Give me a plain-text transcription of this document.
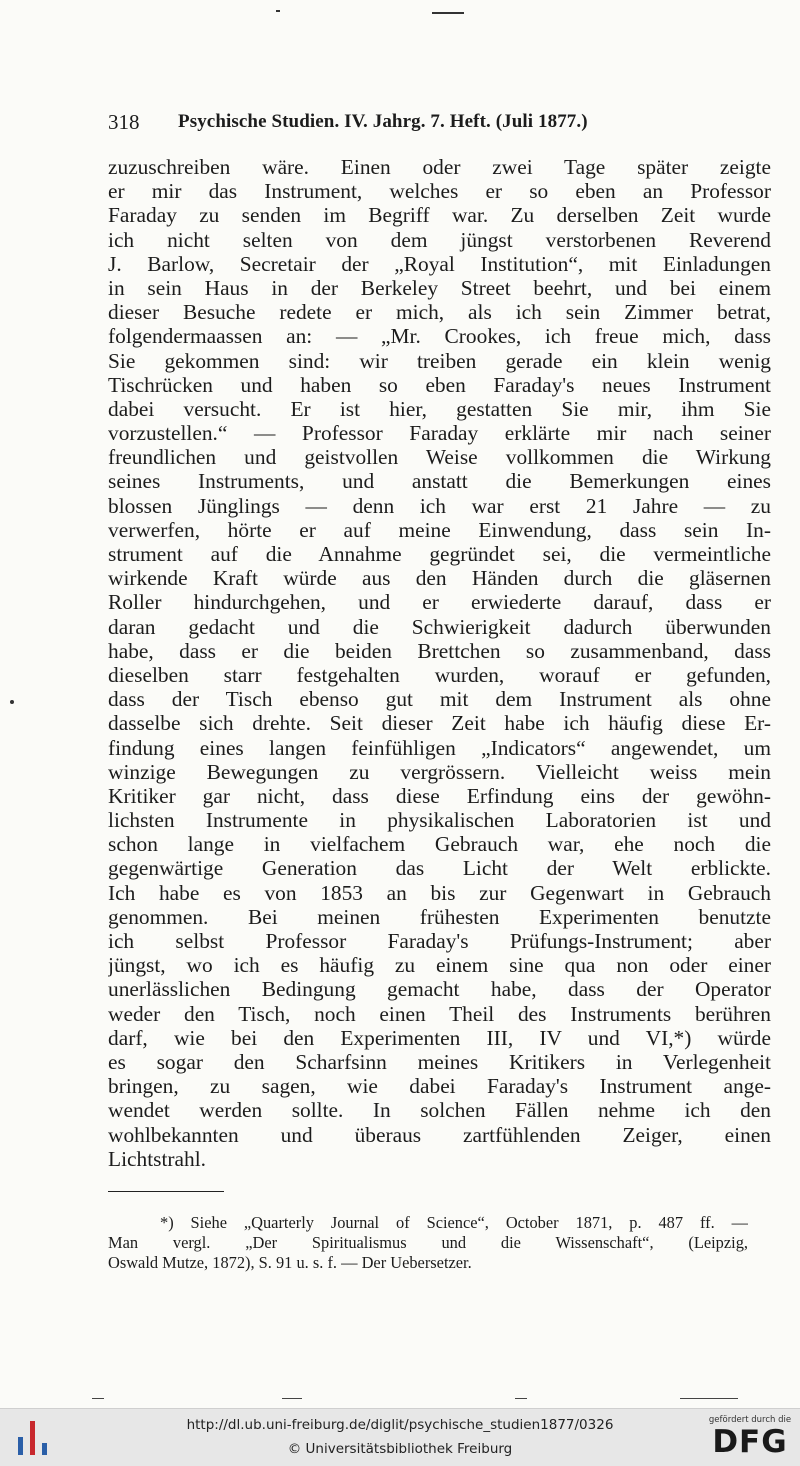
318 Psychische Studien. IV. Jahrg. 7. Heft. (Juli 1877.)
zuzuschreiben wäre. Einen oder zwei Tage später zeigte
er mir das Instrument, welches er so eben an Professor
Faraday zu senden im Begriff war. Zu derselben Zeit wurde
ich nicht selten von dem jüngst verstorbenen Reverend
J. Barlow, Secretair der „Royal Institution“, mit Einladungen
in sein Haus in der Berkeley Street beehrt, und bei einem
dieser Besuche redete er mich, als ich sein Zimmer betrat,
folgendermaassen an: — „Mr. Crookes, ich freue mich, dass
Sie gekommen sind: wir treiben gerade ein klein wenig
Tischrücken und haben so eben Faraday's neues Instrument
dabei versucht. Er ist hier, gestatten Sie mir, ihm Sie
vorzustellen.“ — Professor Faraday erklärte mir nach seiner
freundlichen und geistvollen Weise vollkommen die Wirkung
seines Instruments, und anstatt die Bemerkungen eines
blossen Jünglings — denn ich war erst 21 Jahre — zu
verwerfen, hörte er auf meine Einwendung, dass sein In-
strument auf die Annahme gegründet sei, die vermeintliche
wirkende Kraft würde aus den Händen durch die gläsernen
Roller hindurchgehen, und er erwiederte darauf, dass er
daran gedacht und die Schwierigkeit dadurch überwunden
habe, dass er die beiden Brettchen so zusammenband, dass
dieselben starr festgehalten wurden, worauf er gefunden,
dass der Tisch ebenso gut mit dem Instrument als ohne
dasselbe sich drehte. Seit dieser Zeit habe ich häufig diese Er-
findung eines langen feinfühligen „Indicators“ angewendet, um
winzige Bewegungen zu vergrössern. Vielleicht weiss mein
Kritiker gar nicht, dass diese Erfindung eins der gewöhn-
lichsten Instrumente in physikalischen Laboratorien ist und
schon lange in vielfachem Gebrauch war, ehe noch die
gegenwärtige Generation das Licht der Welt erblickte.
Ich habe es von 1853 an bis zur Gegenwart in Gebrauch
genommen. Bei meinen frühesten Experimenten benutzte
ich selbst Professor Faraday's Prüfungs-Instrument; aber
jüngst, wo ich es häufig zu einem sine qua non oder einer
unerlässlichen Bedingung gemacht habe, dass der Operator
weder den Tisch, noch einen Theil des Instruments berühren
darf, wie bei den Experimenten III, IV und VI,*) würde
es sogar den Scharfsinn meines Kritikers in Verlegenheit
bringen, zu sagen, wie dabei Faraday's Instrument ange-
wendet werden sollte. In solchen Fällen nehme ich den
wohlbekannten und überaus zartfühlenden Zeiger, einen
Lichtstrahl.
*) Siehe „Quarterly Journal of Science“, October 1871, p. 487 ff. —
Man vergl. „Der Spiritualismus und die Wissenschaft“, (Leipzig,
Oswald Mutze, 1872), S. 91 u. s. f. — Der Uebersetzer.
http://dl.ub.uni-freiburg.de/diglit/psychische_studien1877/0326
© Universitätsbibliothek Freiburg
gefördert durch die
DFG
